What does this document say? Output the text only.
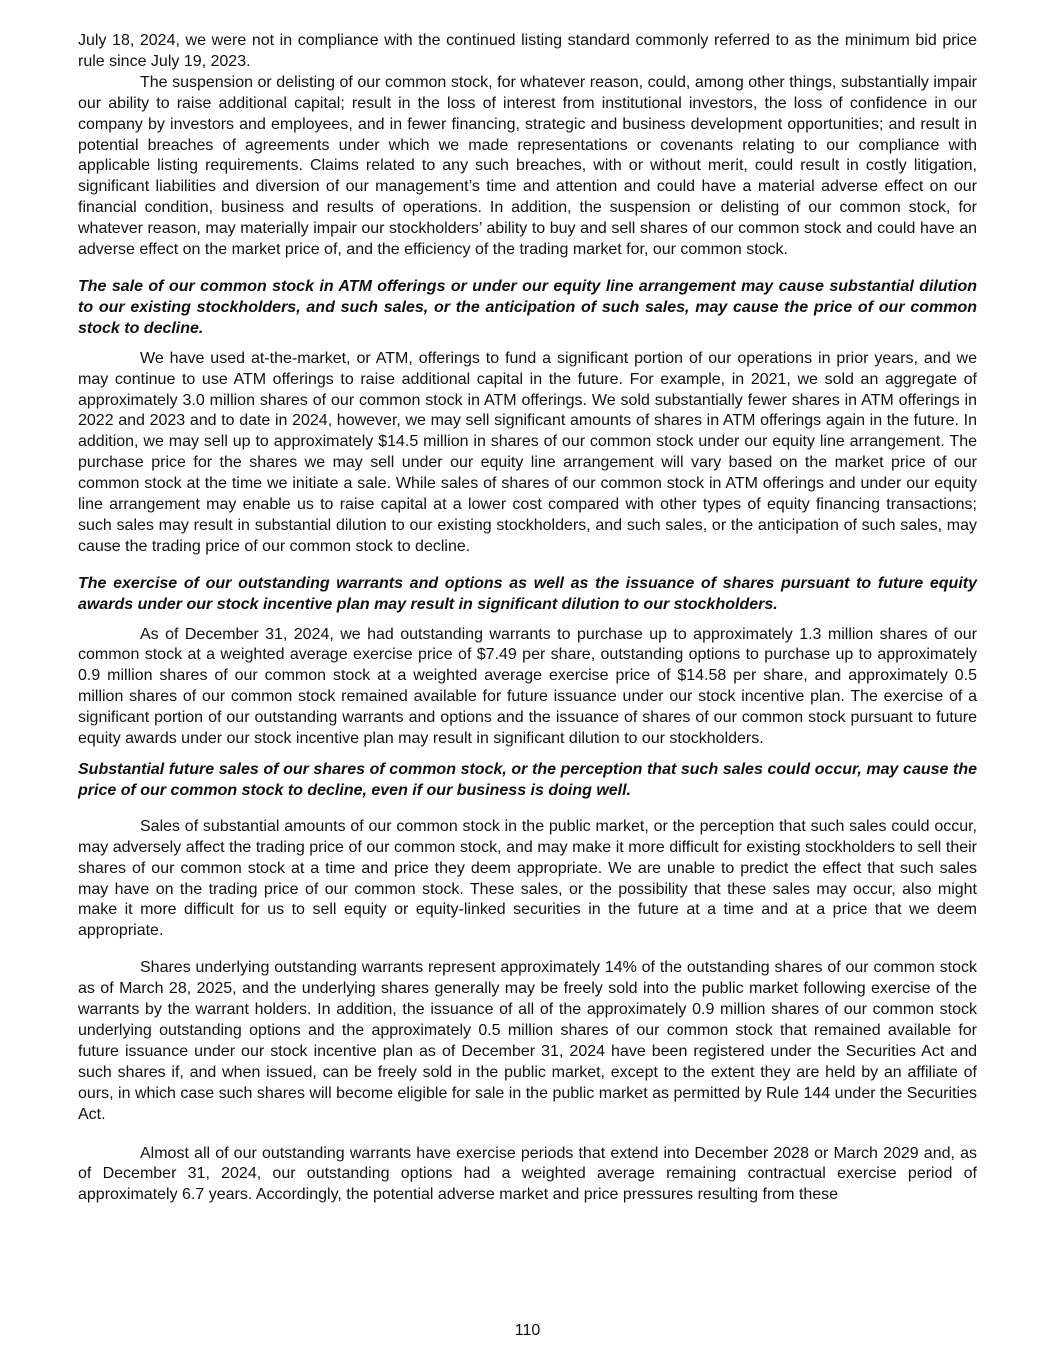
July 18, 2024, we were not in compliance with the continued listing standard commonly referred to as the minimum bid price rule since July 19, 2023.

The suspension or delisting of our common stock, for whatever reason, could, among other things, substantially impair our ability to raise additional capital; result in the loss of interest from institutional investors, the loss of confidence in our company by investors and employees, and in fewer financing, strategic and business development opportunities; and result in potential breaches of agreements under which we made representations or covenants relating to our compliance with applicable listing requirements. Claims related to any such breaches, with or without merit, could result in costly litigation, significant liabilities and diversion of our management’s time and attention and could have a material adverse effect on our financial condition, business and results of operations. In addition, the suspension or delisting of our common stock, for whatever reason, may materially impair our stockholders’ ability to buy and sell shares of our common stock and could have an adverse effect on the market price of, and the efficiency of the trading market for, our common stock.

The sale of our common stock in ATM offerings or under our equity line arrangement may cause substantial dilution to our existing stockholders, and such sales, or the anticipation of such sales, may cause the price of our common stock to decline.

We have used at-the-market, or ATM, offerings to fund a significant portion of our operations in prior years, and we may continue to use ATM offerings to raise additional capital in the future. For example, in 2021, we sold an aggregate of approximately 3.0 million shares of our common stock in ATM offerings. We sold substantially fewer shares in ATM offerings in 2022 and 2023 and to date in 2024, however, we may sell significant amounts of shares in ATM offerings again in the future. In addition, we may sell up to approximately $14.5 million in shares of our common stock under our equity line arrangement. The purchase price for the shares we may sell under our equity line arrangement will vary based on the market price of our common stock at the time we initiate a sale. While sales of shares of our common stock in ATM offerings and under our equity line arrangement may enable us to raise capital at a lower cost compared with other types of equity financing transactions; such sales may result in substantial dilution to our existing stockholders, and such sales, or the anticipation of such sales, may cause the trading price of our common stock to decline.

The exercise of our outstanding warrants and options as well as the issuance of shares pursuant to future equity awards under our stock incentive plan may result in significant dilution to our stockholders.

As of December 31, 2024, we had outstanding warrants to purchase up to approximately 1.3 million shares of our common stock at a weighted average exercise price of $7.49 per share, outstanding options to purchase up to approximately 0.9 million shares of our common stock at a weighted average exercise price of $14.58 per share, and approximately 0.5 million shares of our common stock remained available for future issuance under our stock incentive plan. The exercise of a significant portion of our outstanding warrants and options and the issuance of shares of our common stock pursuant to future equity awards under our stock incentive plan may result in significant dilution to our stockholders.

Substantial future sales of our shares of common stock, or the perception that such sales could occur, may cause the price of our common stock to decline, even if our business is doing well.

Sales of substantial amounts of our common stock in the public market, or the perception that such sales could occur, may adversely affect the trading price of our common stock, and may make it more difficult for existing stockholders to sell their shares of our common stock at a time and price they deem appropriate. We are unable to predict the effect that such sales may have on the trading price of our common stock. These sales, or the possibility that these sales may occur, also might make it more difficult for us to sell equity or equity-linked securities in the future at a time and at a price that we deem appropriate.

Shares underlying outstanding warrants represent approximately 14% of the outstanding shares of our common stock as of March 28, 2025, and the underlying shares generally may be freely sold into the public market following exercise of the warrants by the warrant holders. In addition, the issuance of all of the approximately 0.9 million shares of our common stock underlying outstanding options and the approximately 0.5 million shares of our common stock that remained available for future issuance under our stock incentive plan as of December 31, 2024 have been registered under the Securities Act and such shares if, and when issued, can be freely sold in the public market, except to the extent they are held by an affiliate of ours, in which case such shares will become eligible for sale in the public market as permitted by Rule 144 under the Securities Act.

Almost all of our outstanding warrants have exercise periods that extend into December 2028 or March 2029 and, as of December 31, 2024, our outstanding options had a weighted average remaining contractual exercise period of approximately 6.7 years. Accordingly, the potential adverse market and price pressures resulting from these

110
